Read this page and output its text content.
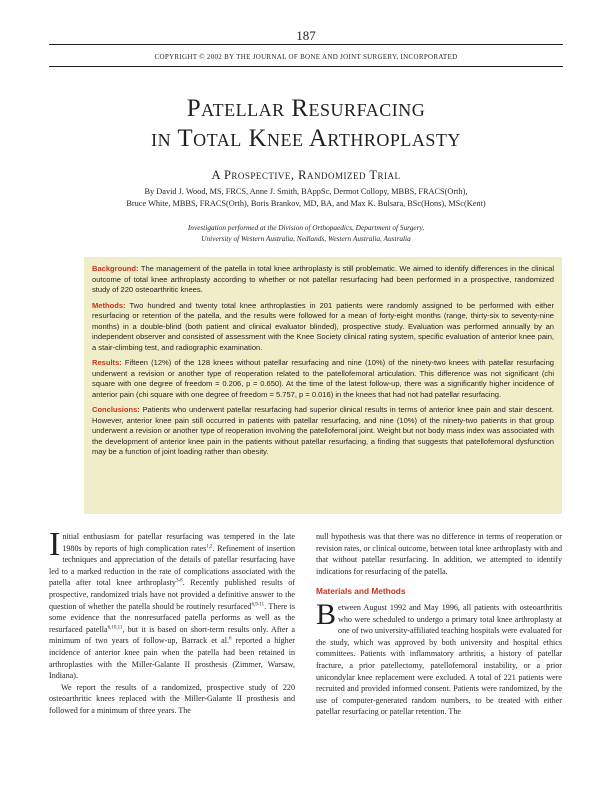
187
COPYRIGHT © 2002 BY THE JOURNAL OF BONE AND JOINT SURGERY, INCORPORATED
Patellar Resurfacing
in Total Knee Arthroplasty
A Prospective, Randomized Trial
By David J. Wood, MS, FRCS, Anne J. Smith, BAppSc, Dermot Collopy, MBBS, FRACS(Orth),
Bruce White, MBBS, FRACS(Orth), Boris Brankov, MD, BA, and Max K. Bulsara, BSc(Hons), MSc(Kent)
Investigation performed at the Division of Orthopaedics, Department of Surgery,
University of Western Australia, Nedlands, Western Australia, Australia

Background: The management of the patella in total knee arthroplasty is still problematic. We aimed to identify differences in the clinical outcome of total knee arthroplasty according to whether or not patellar resurfacing had been performed in a prospective, randomized study of 220 osteoarthritic knees.

Methods: Two hundred and twenty total knee arthroplasties in 201 patients were randomly assigned to be performed with either resurfacing or retention of the patella, and the results were followed for a mean of forty-eight months (range, thirty-six to seventy-nine months) in a double-blind (both patient and clinical evaluator blinded), prospective study. Evaluation was performed annually by an independent observer and consisted of assessment with the Knee Society clinical rating system, specific evaluation of anterior knee pain, a stair-climbing test, and radiographic examination.

Results: Fifteen (12%) of the 128 knees without patellar resurfacing and nine (10%) of the ninety-two knees with patellar resurfacing underwent a revision or another type of reoperation related to the patellofemoral articulation. This difference was not significant (chi square with one degree of freedom = 0.206, p = 0.650). At the time of the latest follow-up, there was a significantly higher incidence of anterior pain (chi square with one degree of freedom = 5.757, p = 0.016) in the knees that had not had patellar resurfacing.

Conclusions: Patients who underwent patellar resurfacing had superior clinical results in terms of anterior knee pain and stair descent. However, anterior knee pain still occurred in patients with patellar resurfacing, and nine (10%) of the ninety-two patients in that group underwent a revision or another type of reoperation involving the patellofemoral joint. Weight but not body mass index was associated with the development of anterior knee pain in the patients without patellar resurfacing, a finding that suggests that patellofemoral dysfunction may be a function of joint loading rather than obesity.

Initial enthusiasm for patellar resurfacing was tempered in the late 1980s by reports of high complication rates$^{1,2}$. Refinement of insertion techniques and appreciation of the details of patellar resurfacing have led to a marked reduction in the rate of complications associated with the patella after total knee arthroplasty$^{3-8}$. Recently published results of prospective, randomized trials have not provided a definitive answer to the question of whether the patella should be routinely resurfaced$^{6,9-11}$. There is some evidence that the nonresurfaced patella performs as well as the resurfaced patella$^{6,10,11}$, but it is based on short-term results only. After a minimum of two years of follow-up, Barrack et al.$^6$ reported a higher incidence of anterior knee pain when the patella had been retained in arthroplasties with the Miller-Galante II prosthesis (Zimmer, Warsaw, Indiana).

We report the results of a randomized, prospective study of 220 osteoarthritic knees replaced with the Miller-Galante II prosthesis and followed for a minimum of three years. The

null hypothesis was that there was no difference in terms of reoperation or revision rates, or clinical outcome, between total knee arthroplasty with and that without patellar resurfacing. In addition, we attempted to identify indications for resurfacing of the patella.

Materials and Methods

Between August 1992 and May 1996, all patients with osteoarthritis who were scheduled to undergo a primary total knee arthroplasty at one of two university-affiliated teaching hospitals were evaluated for the study, which was approved by both university and hospital ethics committees. Patients with inflammatory arthritis, a history of patellar fracture, a prior patellectomy, patellofemoral instability, or a prior unicondylar knee replacement were excluded. A total of 221 patients were recruited and provided informed consent. Patients were randomized, by the use of computer-generated random numbers, to be treated with either patellar resurfacing or patellar retention. The
